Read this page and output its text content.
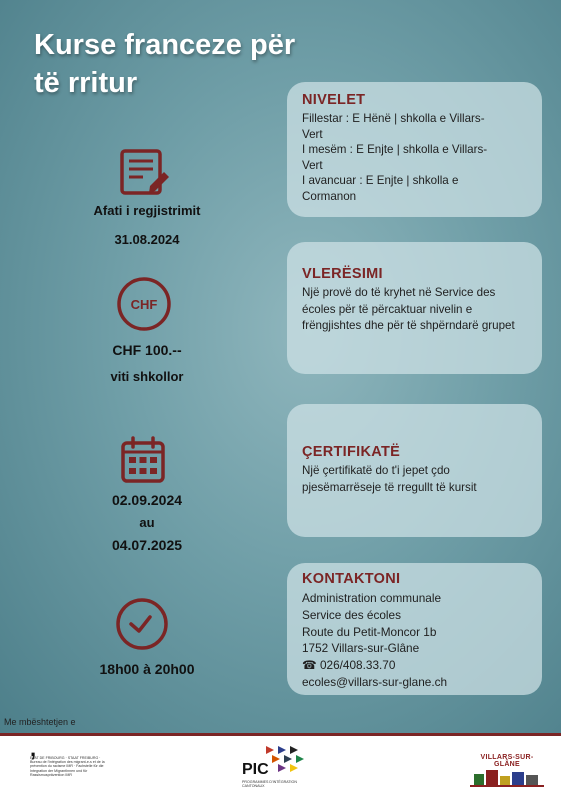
Kurse franceze për
të rritur
NIVELET
Fillestar : E Hënë | shkolla e Villars-
Vert
I mesëm : E Enjte | shkolla e Villars-
Vert
I avancuar : E Enjte | shkolla e
Cormanon
VLERËSIMI
Një provë do të kryhet në Service des écoles për të përcaktuar nivelin e frëngjishtes dhe për të shpërndarë grupet
ÇERTIFIKATË
Një çertifikatë do t'i jepet çdo pjesëmarrëseje të rregullt të kursit
KONTAKTONI
Administration communale
Service des écoles
Route du Petit-Moncor 1b
1752 Villars-sur-Glâne
☎ 026/408.33.70
ecoles@villars-sur-glane.ch
Afati i regjistrimit
31.08.2024
CHF
CHF 100.--
viti shkollor
02.09.2024
au
04.07.2025
18h00 à 20h00
Me mbështetjen e
,
ETAT DE FRIBOURG · STAAT FREIBURG · Bureau de l'intégration des migrant-e-s et de la prévention du racisme IMR · Fachstelle für die Integration der MigrantInnen und für Rassismusprävention IMR	PIC
PROGRAMMES D'INTÉGRATION CANTONAUX
VILLARS-SUR-GLÂNE
